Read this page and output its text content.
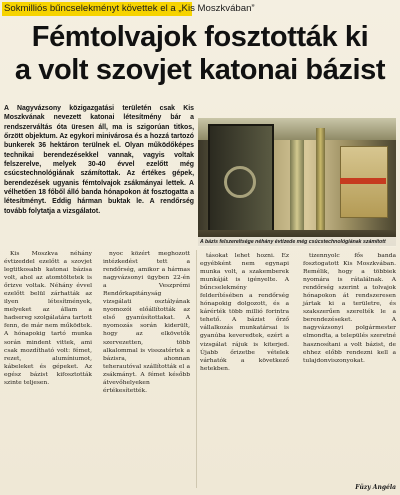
Sokmilliós bűncselekményt követtek el a „Kis Moszkvában”
Fémtolvajok fosztották ki
a volt szovjet katonai bázist
A Nagyvázsony közigazgatási területén csak Kis Moszkvának nevezett katonai létesítmény bár a rendszerváltás óta üresen áll, ma is szigorúan titkos, őrzött objektum. Az egykori minivárosa és a hozzá tartozó bunkerek 36 hektáron terülnek el. Olyan működőképes technikai berendezésekkel vannak, vagyis voltak felszerelve, melyek 30-40 évvel ezelőtt még csúcstechnológiának számítottak. Az értékes gépek, berendezések ugyanis fémtolvajok zsákmányai lettek. A vélhetően 18 főből álló banda hónapokon át fosztogatta a létesítményt. Eddig hárman buktak le. A rendőrség tovább folytatja a vizsgálatot.
A bázis felszereltsége néhány évtizede még csúcstechnológiának számított

Kis Moszkva néhány évtizeddel ezelőtt a szovjet legtitkosabb katonai bázisa volt, ahol az atomtöltetek is őrizve voltak. Néhány évvel ezelőtt belül zárhatták az ilyen létesítmények, melyeket az állam a hadsereg szolgálatára tartott fenn, de már nem működtek. A hónapokig tartó munka során mindent vittek, ami csak mozdítható volt: fémet, rezet, alumíniumot, kábeleket és gépeket. Az egész bázist kifosztották szinte teljesen.

nyoc közért meghozott intézkedést tett a rendőrség, amikor a hármas nagyvázsonyi ügyben 22-én a Veszprémi Rendőrkapitányság vizsgálati osztályának nyomozói előállították az első gyanúsítottakat. A nyomozás során kiderült, hogy az elkövetők szervezetten, több alkalommal is visszatértek a bázisra, ahonnan teherautóval szállították el a zsákmányt. A fémet később átvevőhelyeken értékesítették.

tásokat lehet hozni. Ez egyébként nem egynapi munka volt, a szakemberek munkáját is igényelte. A bűncselekmény felderítésében a rendőrség hónapokig dolgozott, és a kárérték több millió forintra tehető. A bázist őrző vállalkozás munkatársai is gyanúba keveredtek, ezért a vizsgálat rájuk is kiterjed. Újabb őrizetbe vételek várhatók a következő hetekben.

tizennyolc fős banda fosztogatott Kis Moszkvában. Remélik, hogy a többiek nyomára is rátalálnak. A rendőrség szerint a tolvajok hónapokon át rendszeresen jártak ki a területre, és szakszerűen szerelték le a berendezéseket. A nagyvázsonyi polgármester elmondta, a település szeretné hasznosítani a volt bázist, de ehhez előbb rendezni kell a tulajdonviszonyokat.

Füzy Angéla
